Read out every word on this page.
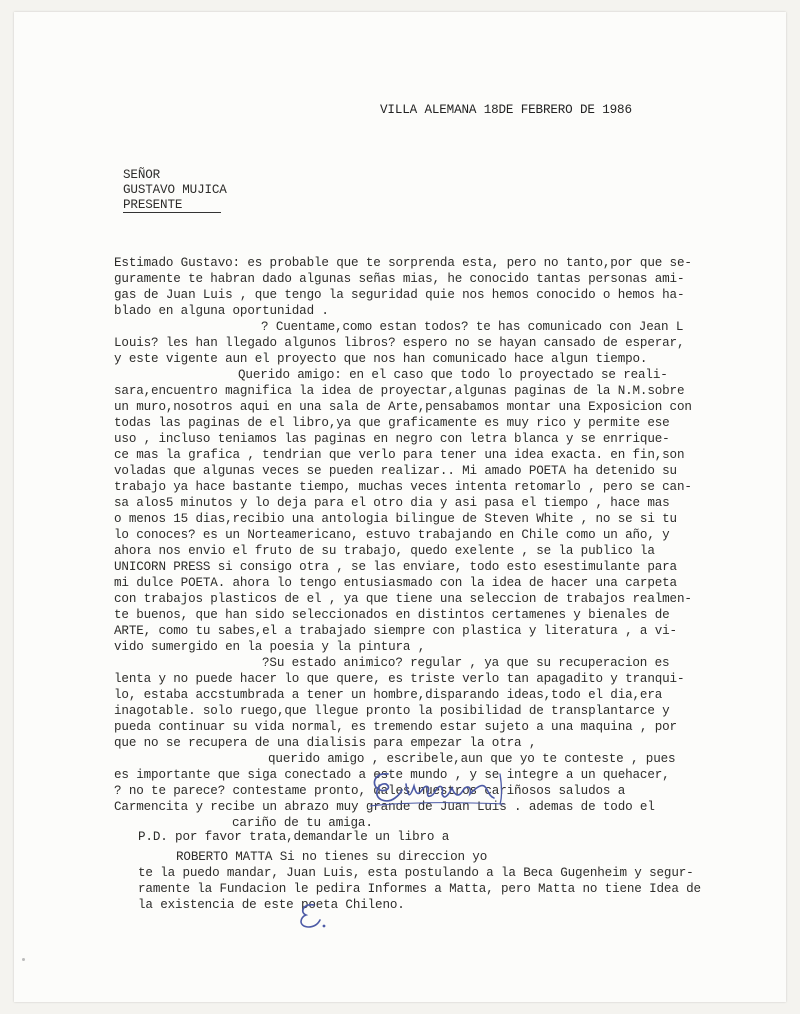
VILLA ALEMANA 18DE FEBRERO DE 1986
SEÑOR
GUSTAVO MUJICA
PRESENTE
Estimado Gustavo: es probable que te sorprenda esta, pero no tanto,por que se-
guramente te habran dado algunas señas mias, he conocido tantas personas ami-
gas de Juan Luis , que tengo la seguridad quie nos hemos conocido o hemos ha-
blado en alguna oportunidad .
? Cuentame,como estan todos? te has comunicado con Jean L
Louis? les han llegado algunos libros? espero no se hayan cansado de esperar,
y este vigente aun el proyecto que nos han comunicado hace algun tiempo.
Querido amigo: en el caso que todo lo proyectado se reali-
sara,encuentro magnifica la idea de proyectar,algunas paginas de la N.M.sobre
un muro,nosotros aqui en una sala de Arte,pensabamos montar una Exposicion con
todas las paginas de el libro,ya que graficamente es muy rico y permite ese
uso , incluso teniamos las paginas en negro con letra blanca y se enrrique-
ce mas la grafica , tendrian que verlo para tener una idea exacta. en fin,son
voladas que algunas veces se pueden realizar.. Mi amado POETA ha detenido su
trabajo ya hace bastante tiempo, muchas veces intenta retomarlo , pero se can-
sa alos5 minutos y lo deja para el otro dia y asi pasa el tiempo , hace mas
o menos 15 dias,recibio una antologia bilingue de Steven White , no se si tu
lo conoces? es un Norteamericano, estuvo trabajando en Chile como un año, y
ahora nos envio el fruto de su trabajo, quedo exelente , se la publico la
UNICORN PRESS si consigo otra , se las enviare, todo esto esestimulante para
mi dulce POETA. ahora lo tengo entusiasmado con la idea de hacer una carpeta
con trabajos plasticos de el , ya que tiene una seleccion de trabajos realmen-
te buenos, que han sido seleccionados en distintos certamenes y bienales de
ARTE, como tu sabes,el a trabajado siempre con plastica y literatura , a vi-
vido sumergido en la poesia y la pintura ,
?Su estado animico? regular , ya que su recuperacion es
lenta y no puede hacer lo que quere, es triste verlo tan apagadito y tranqui-
lo, estaba accstumbrada a tener un hombre,disparando ideas,todo el dia,era
inagotable. solo ruego,que llegue pronto la posibilidad de transplantarce y
pueda continuar su vida normal, es tremendo estar sujeto a una maquina , por
que no se recupera de una dialisis para empezar la otra ,
querido amigo , escribele,aun que yo te conteste , pues
es importante que siga conectado a este mundo , y se integre a un quehacer,
? no te parece? contestame pronto, dales nuestros cariñosos saludos a
Carmencita y recibe un abrazo muy grande de Juan Luis . ademas de todo el
cariño de tu amiga.
P.D. por favor trata,demandarle un libro a
ROBERTO MATTA Si no tienes su direccion yo
te la puedo mandar, Juan Luis, esta postulando a la Beca Gugenheim y segur-
ramente la Fundacion le pedira Informes a Matta, pero Matta no tiene Idea de
la existencia de este poeta Chileno.
